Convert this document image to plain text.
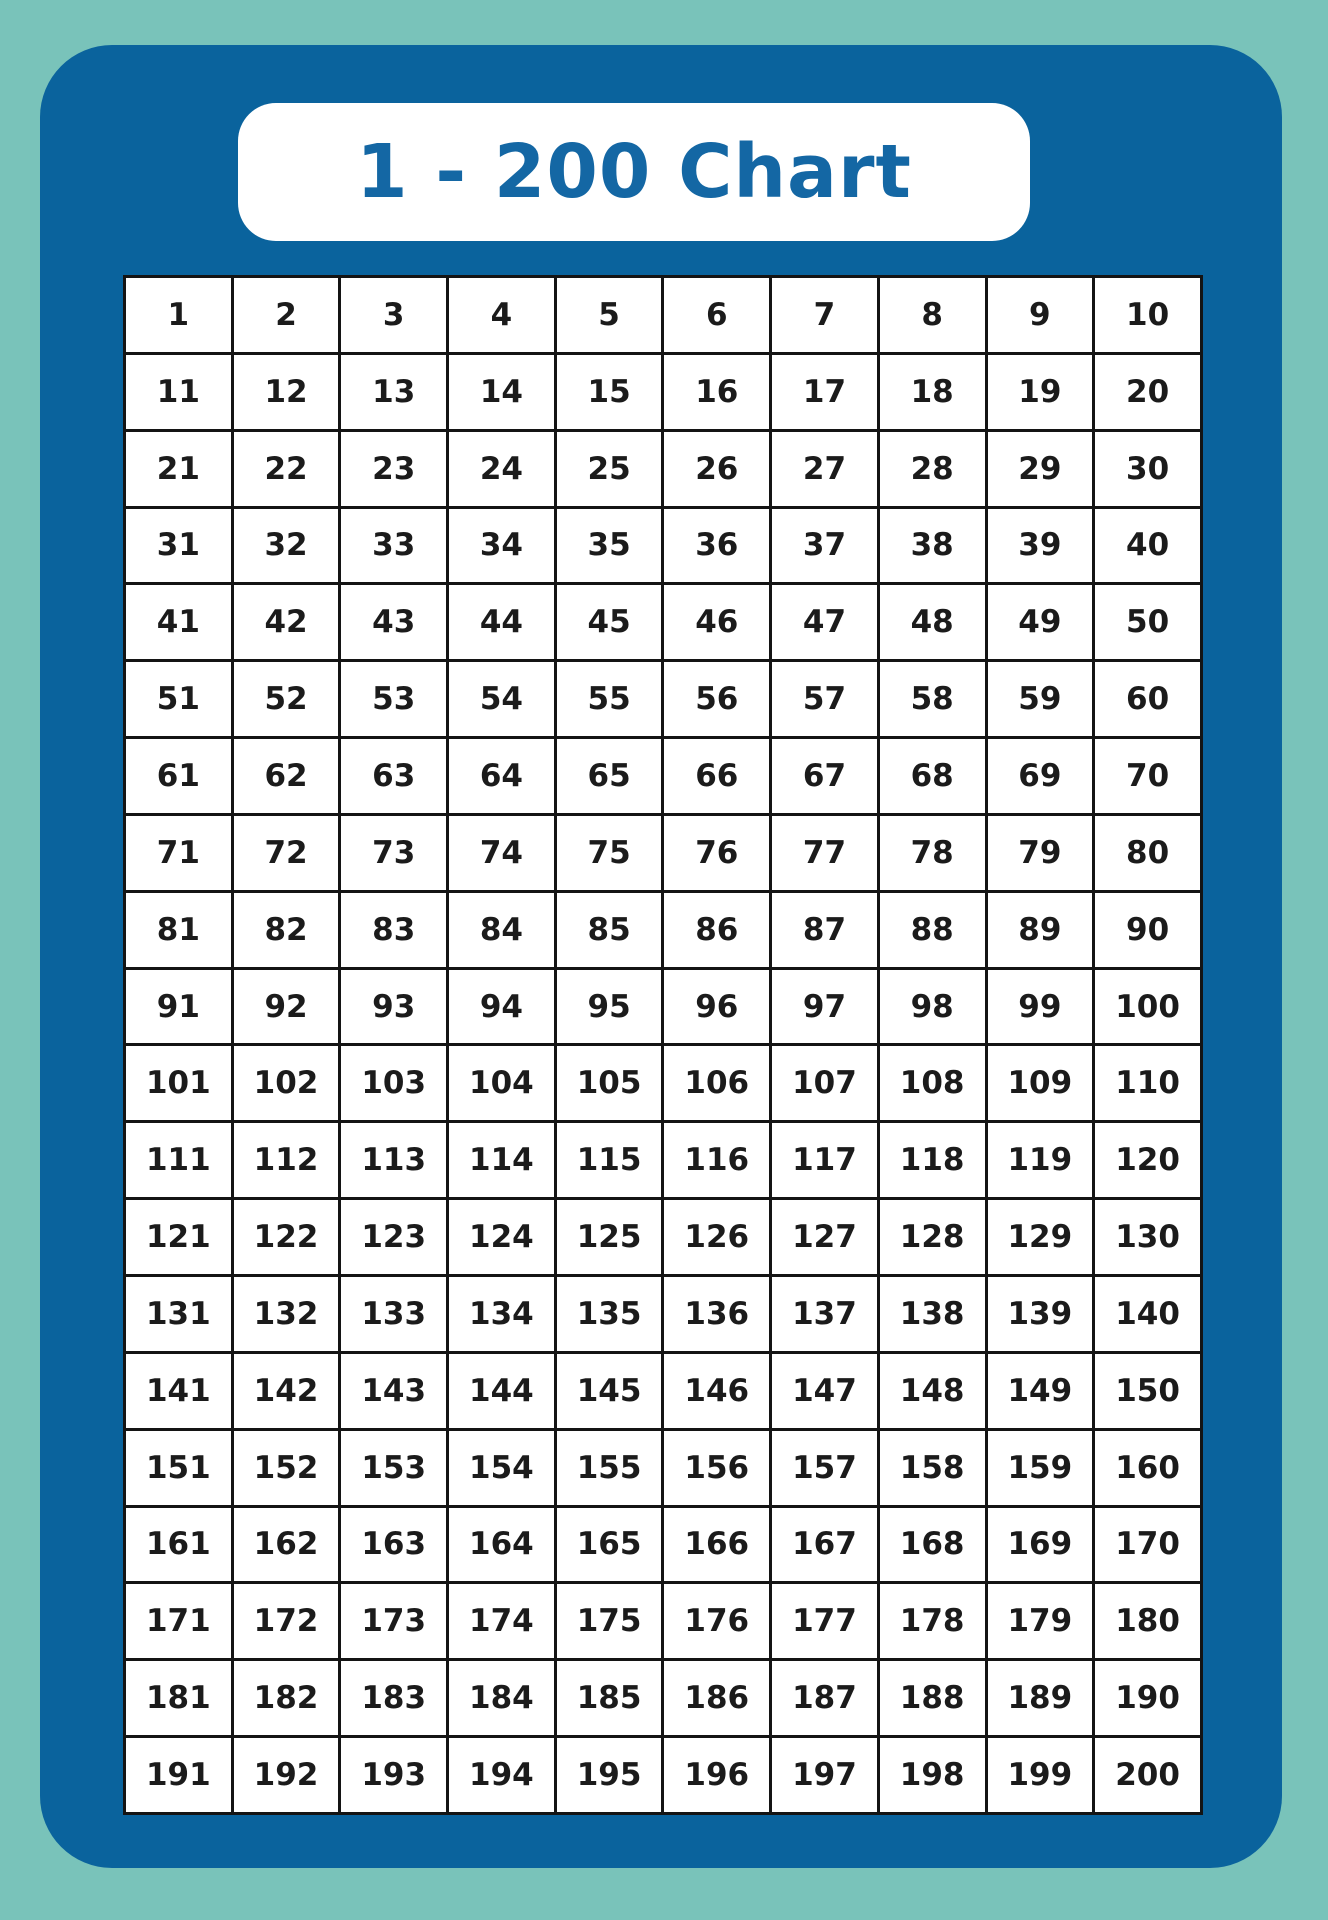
1 - 200 Chart
1	2	3	4	5	6	7	8	9	10
11	12	13	14	15	16	17	18	19	20
21	22	23	24	25	26	27	28	29	30
31	32	33	34	35	36	37	38	39	40
41	42	43	44	45	46	47	48	49	50
51	52	53	54	55	56	57	58	59	60
61	62	63	64	65	66	67	68	69	70
71	72	73	74	75	76	77	78	79	80
81	82	83	84	85	86	87	88	89	90
91	92	93	94	95	96	97	98	99	100
101	102	103	104	105	106	107	108	109	110
111	112	113	114	115	116	117	118	119	120
121	122	123	124	125	126	127	128	129	130
131	132	133	134	135	136	137	138	139	140
141	142	143	144	145	146	147	148	149	150
151	152	153	154	155	156	157	158	159	160
161	162	163	164	165	166	167	168	169	170
171	172	173	174	175	176	177	178	179	180
181	182	183	184	185	186	187	188	189	190
191	192	193	194	195	196	197	198	199	200
